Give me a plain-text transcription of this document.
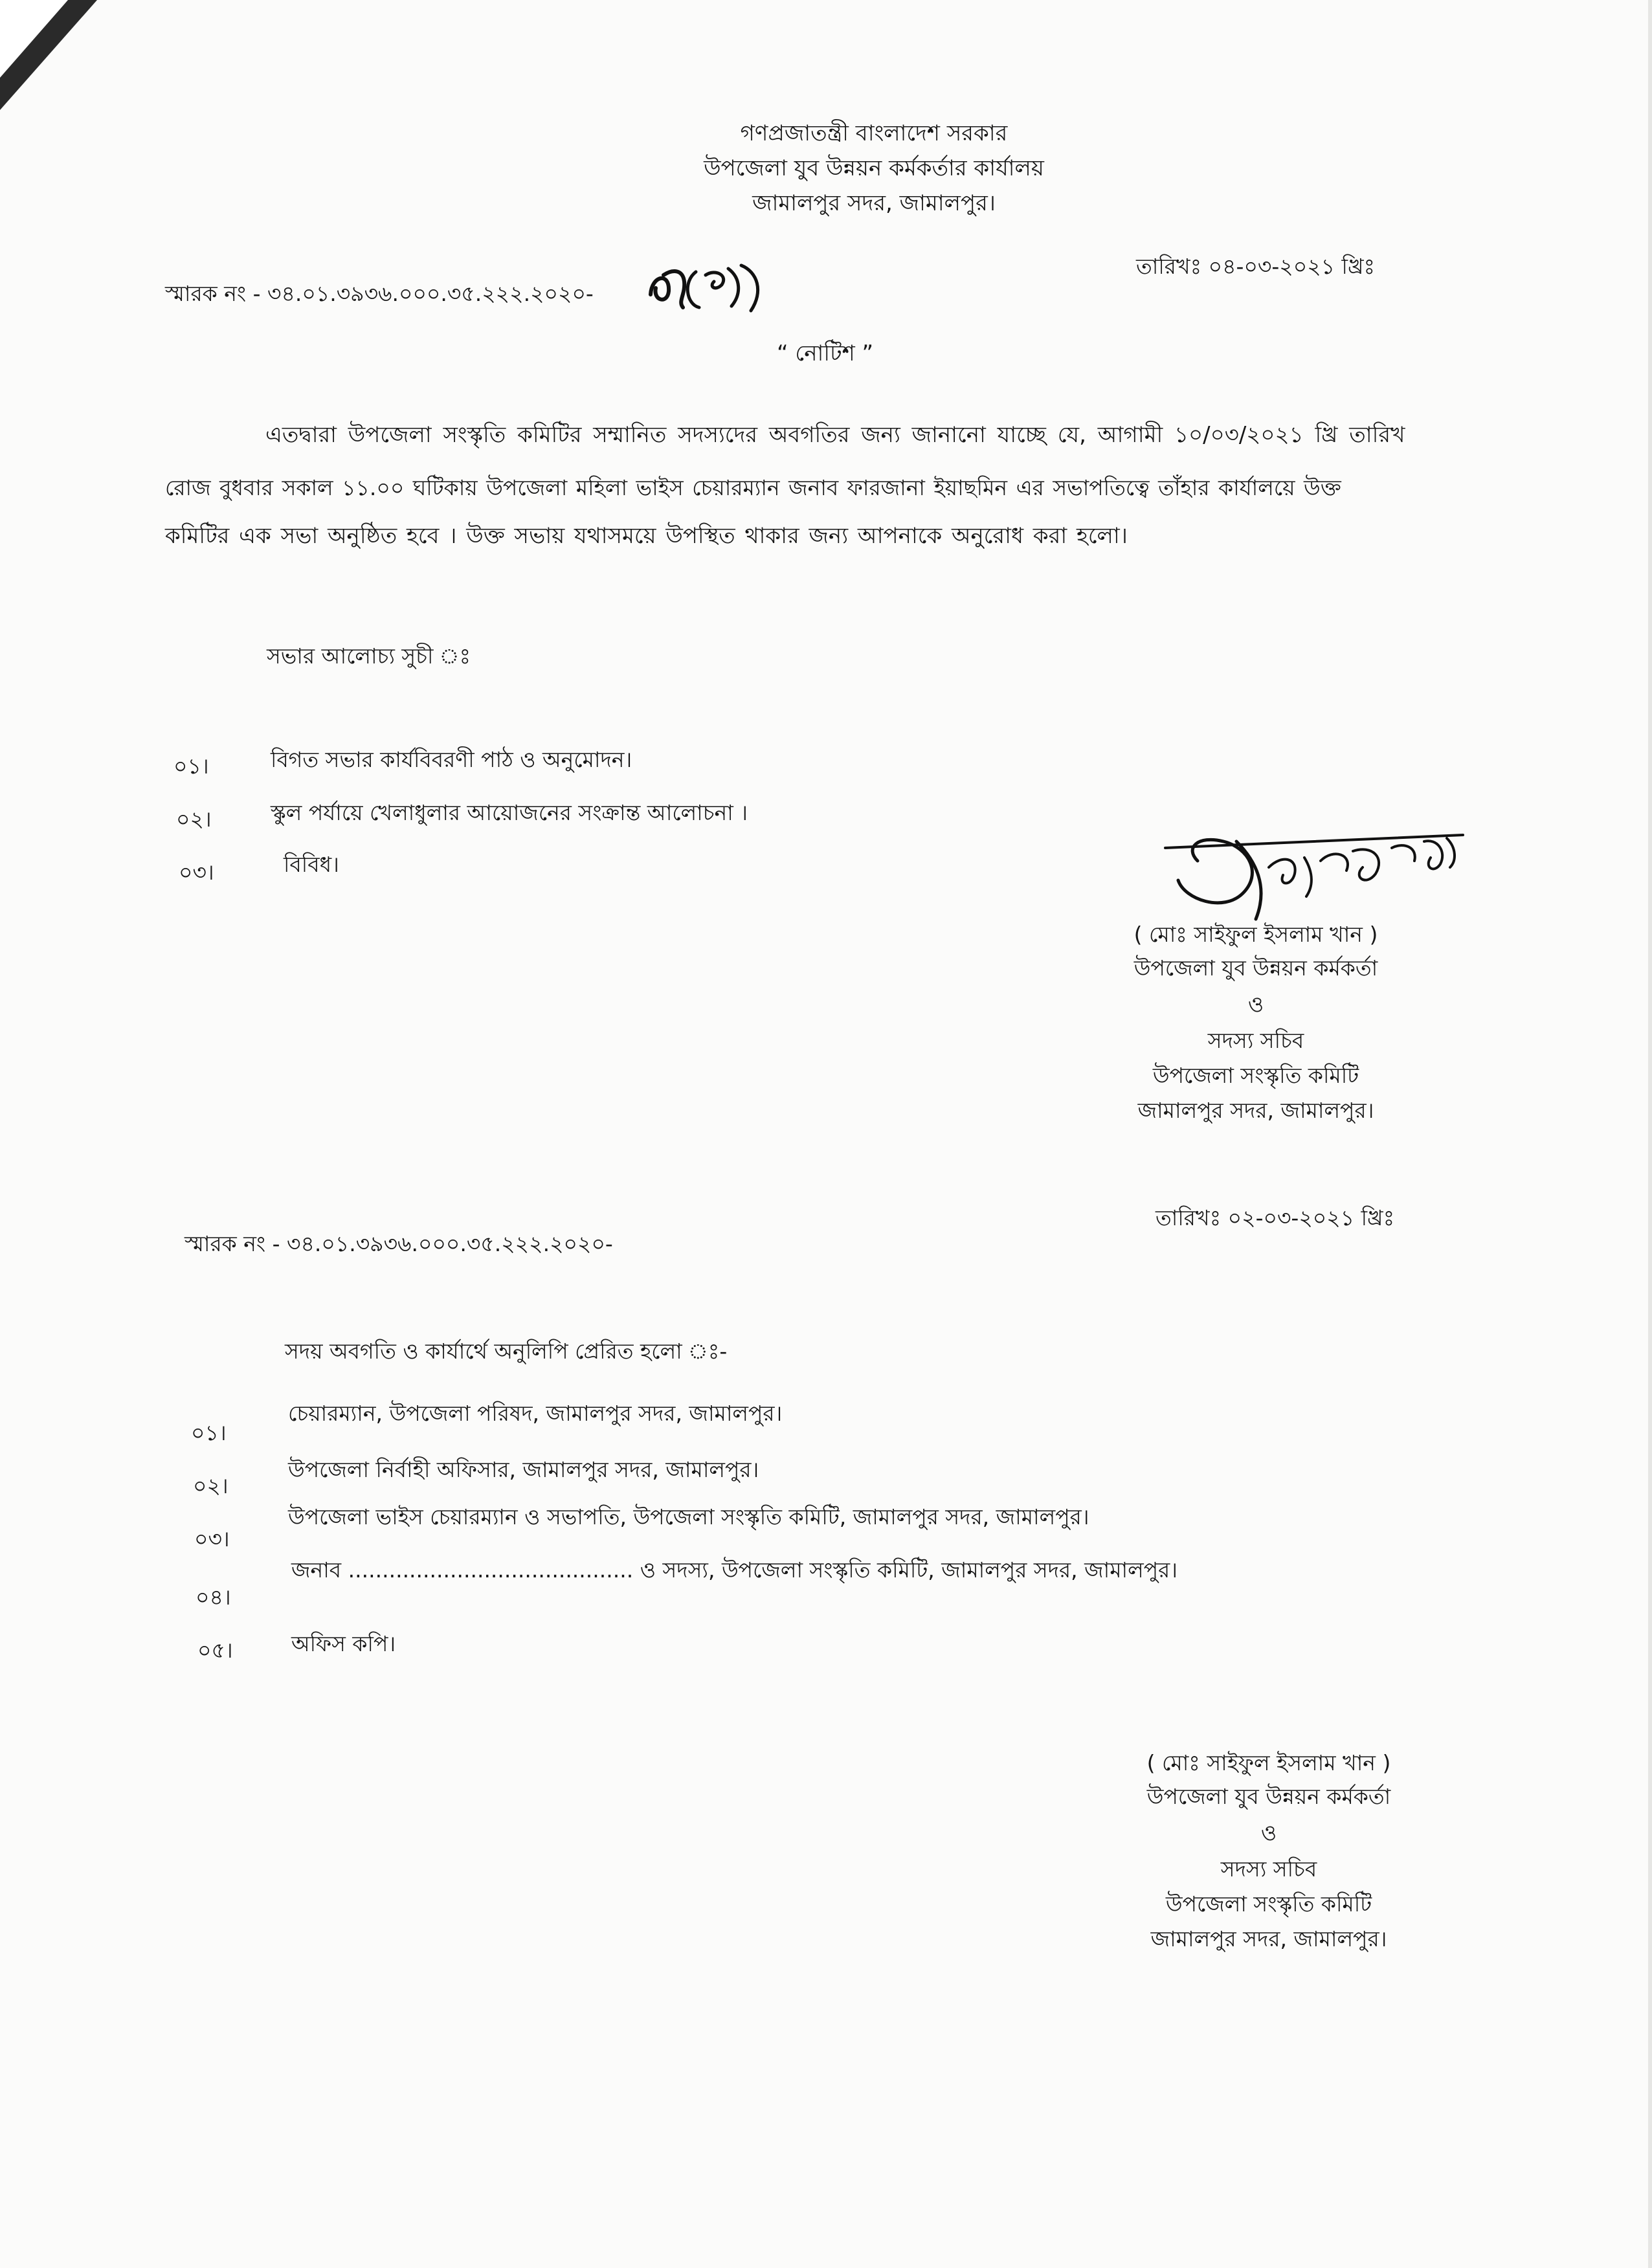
গণপ্রজাতন্ত্রী বাংলাদেশ সরকার
উপজেলা যুব উন্নয়ন কর্মকর্তার কার্যালয়
জামালপুর সদর, জামালপুর।
স্মারক নং - ৩৪.০১.৩৯৩৬.০০০.৩৫.২২২.২০২০-
তারিখঃ ০৪-০৩-২০২১ খ্রিঃ
“ নোটিশ ”
এতদ্বারা উপজেলা সংস্কৃতি কমিটির সম্মানিত সদস্যদের অবগতির জন্য জানানো যাচ্ছে যে, আগামী ১০/০৩/২০২১ খ্রি তারিখ
রোজ বুধবার সকাল ১১.০০ ঘটিকায় উপজেলা মহিলা ভাইস চেয়ারম্যান জনাব ফারজানা ইয়াছমিন এর সভাপতিত্বে তাঁহার কার্যালয়ে উক্ত
কমিটির এক সভা অনুষ্ঠিত হবে । উক্ত সভায় যথাসময়ে উপস্থিত থাকার জন্য আপনাকে অনুরোধ করা হলো।
সভার আলোচ্য সুচী ঃ
০১।	বিগত সভার কার্যবিবরণী পাঠ ও অনুমোদন।
০২।	স্কুল পর্যায়ে খেলাধুলার আয়োজনের সংক্রান্ত আলোচনা ।
০৩।	বিবিধ।
( মোঃ সাইফুল ইসলাম খান )
উপজেলা যুব উন্নয়ন কর্মকর্তা
ও
সদস্য সচিব
উপজেলা সংস্কৃতি কমিটি
জামালপুর সদর, জামালপুর।
তারিখঃ ০২-০৩-২০২১ খ্রিঃ
স্মারক নং - ৩৪.০১.৩৯৩৬.০০০.৩৫.২২২.২০২০-
সদয় অবগতি ও কার্যার্থে অনুলিপি প্রেরিত হলো ঃ-
০১।
চেয়ারম্যান, উপজেলা পরিষদ, জামালপুর সদর, জামালপুর।
০২।
উপজেলা নির্বাহী অফিসার, জামালপুর সদর, জামালপুর।
০৩।
উপজেলা ভাইস চেয়ারম্যান ও সভাপতি, উপজেলা সংস্কৃতি কমিটি, জামালপুর সদর, জামালপুর।
০৪।
জনাব .......................................... ও সদস্য, উপজেলা সংস্কৃতি কমিটি, জামালপুর সদর, জামালপুর।
০৫।	অফিস কপি।
( মোঃ সাইফুল ইসলাম খান )
উপজেলা যুব উন্নয়ন কর্মকর্তা
ও
সদস্য সচিব
উপজেলা সংস্কৃতি কমিটি
জামালপুর সদর, জামালপুর।
